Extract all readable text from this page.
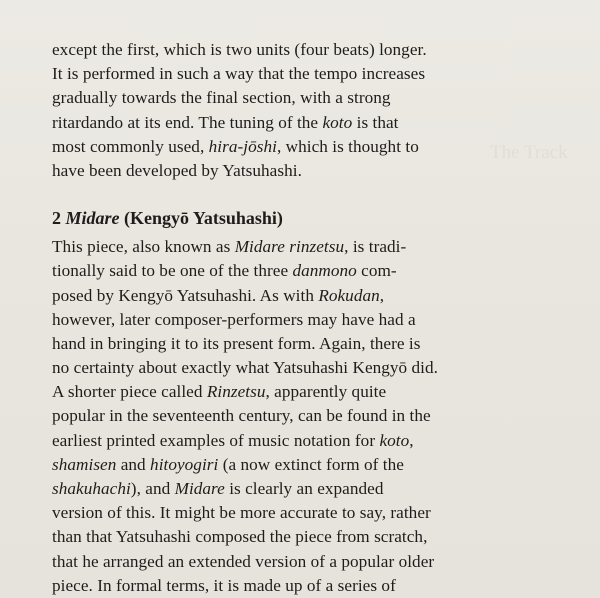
The Track
except the first, which is two units (four beats) longer.
It is performed in such a way that the tempo increases
gradually towards the final section, with a strong
ritardando at its end. The tuning of the koto is that
most commonly used, hira-jōshi, which is thought to
have been developed by Yatsuhashi.
2 Midare (Kengyō Yatsuhashi)
This piece, also known as Midare rinzetsu, is tradi-
tionally said to be one of the three danmono com-
posed by Kengyō Yatsuhashi. As with Rokudan,
however, later composer-performers may have had a
hand in bringing it to its present form. Again, there is
no certainty about exactly what Yatsuhashi Kengyō did.
A shorter piece called Rinzetsu, apparently quite
popular in the seventeenth century, can be found in the
earliest printed examples of music notation for koto,
shamisen and hitoyogiri (a now extinct form of the
shakuhachi), and Midare is clearly an expanded
version of this. It might be more accurate to say, rather
than that Yatsuhashi composed the piece from scratch,
that he arranged an extended version of a popular older
piece. In formal terms, it is made up of a series of
